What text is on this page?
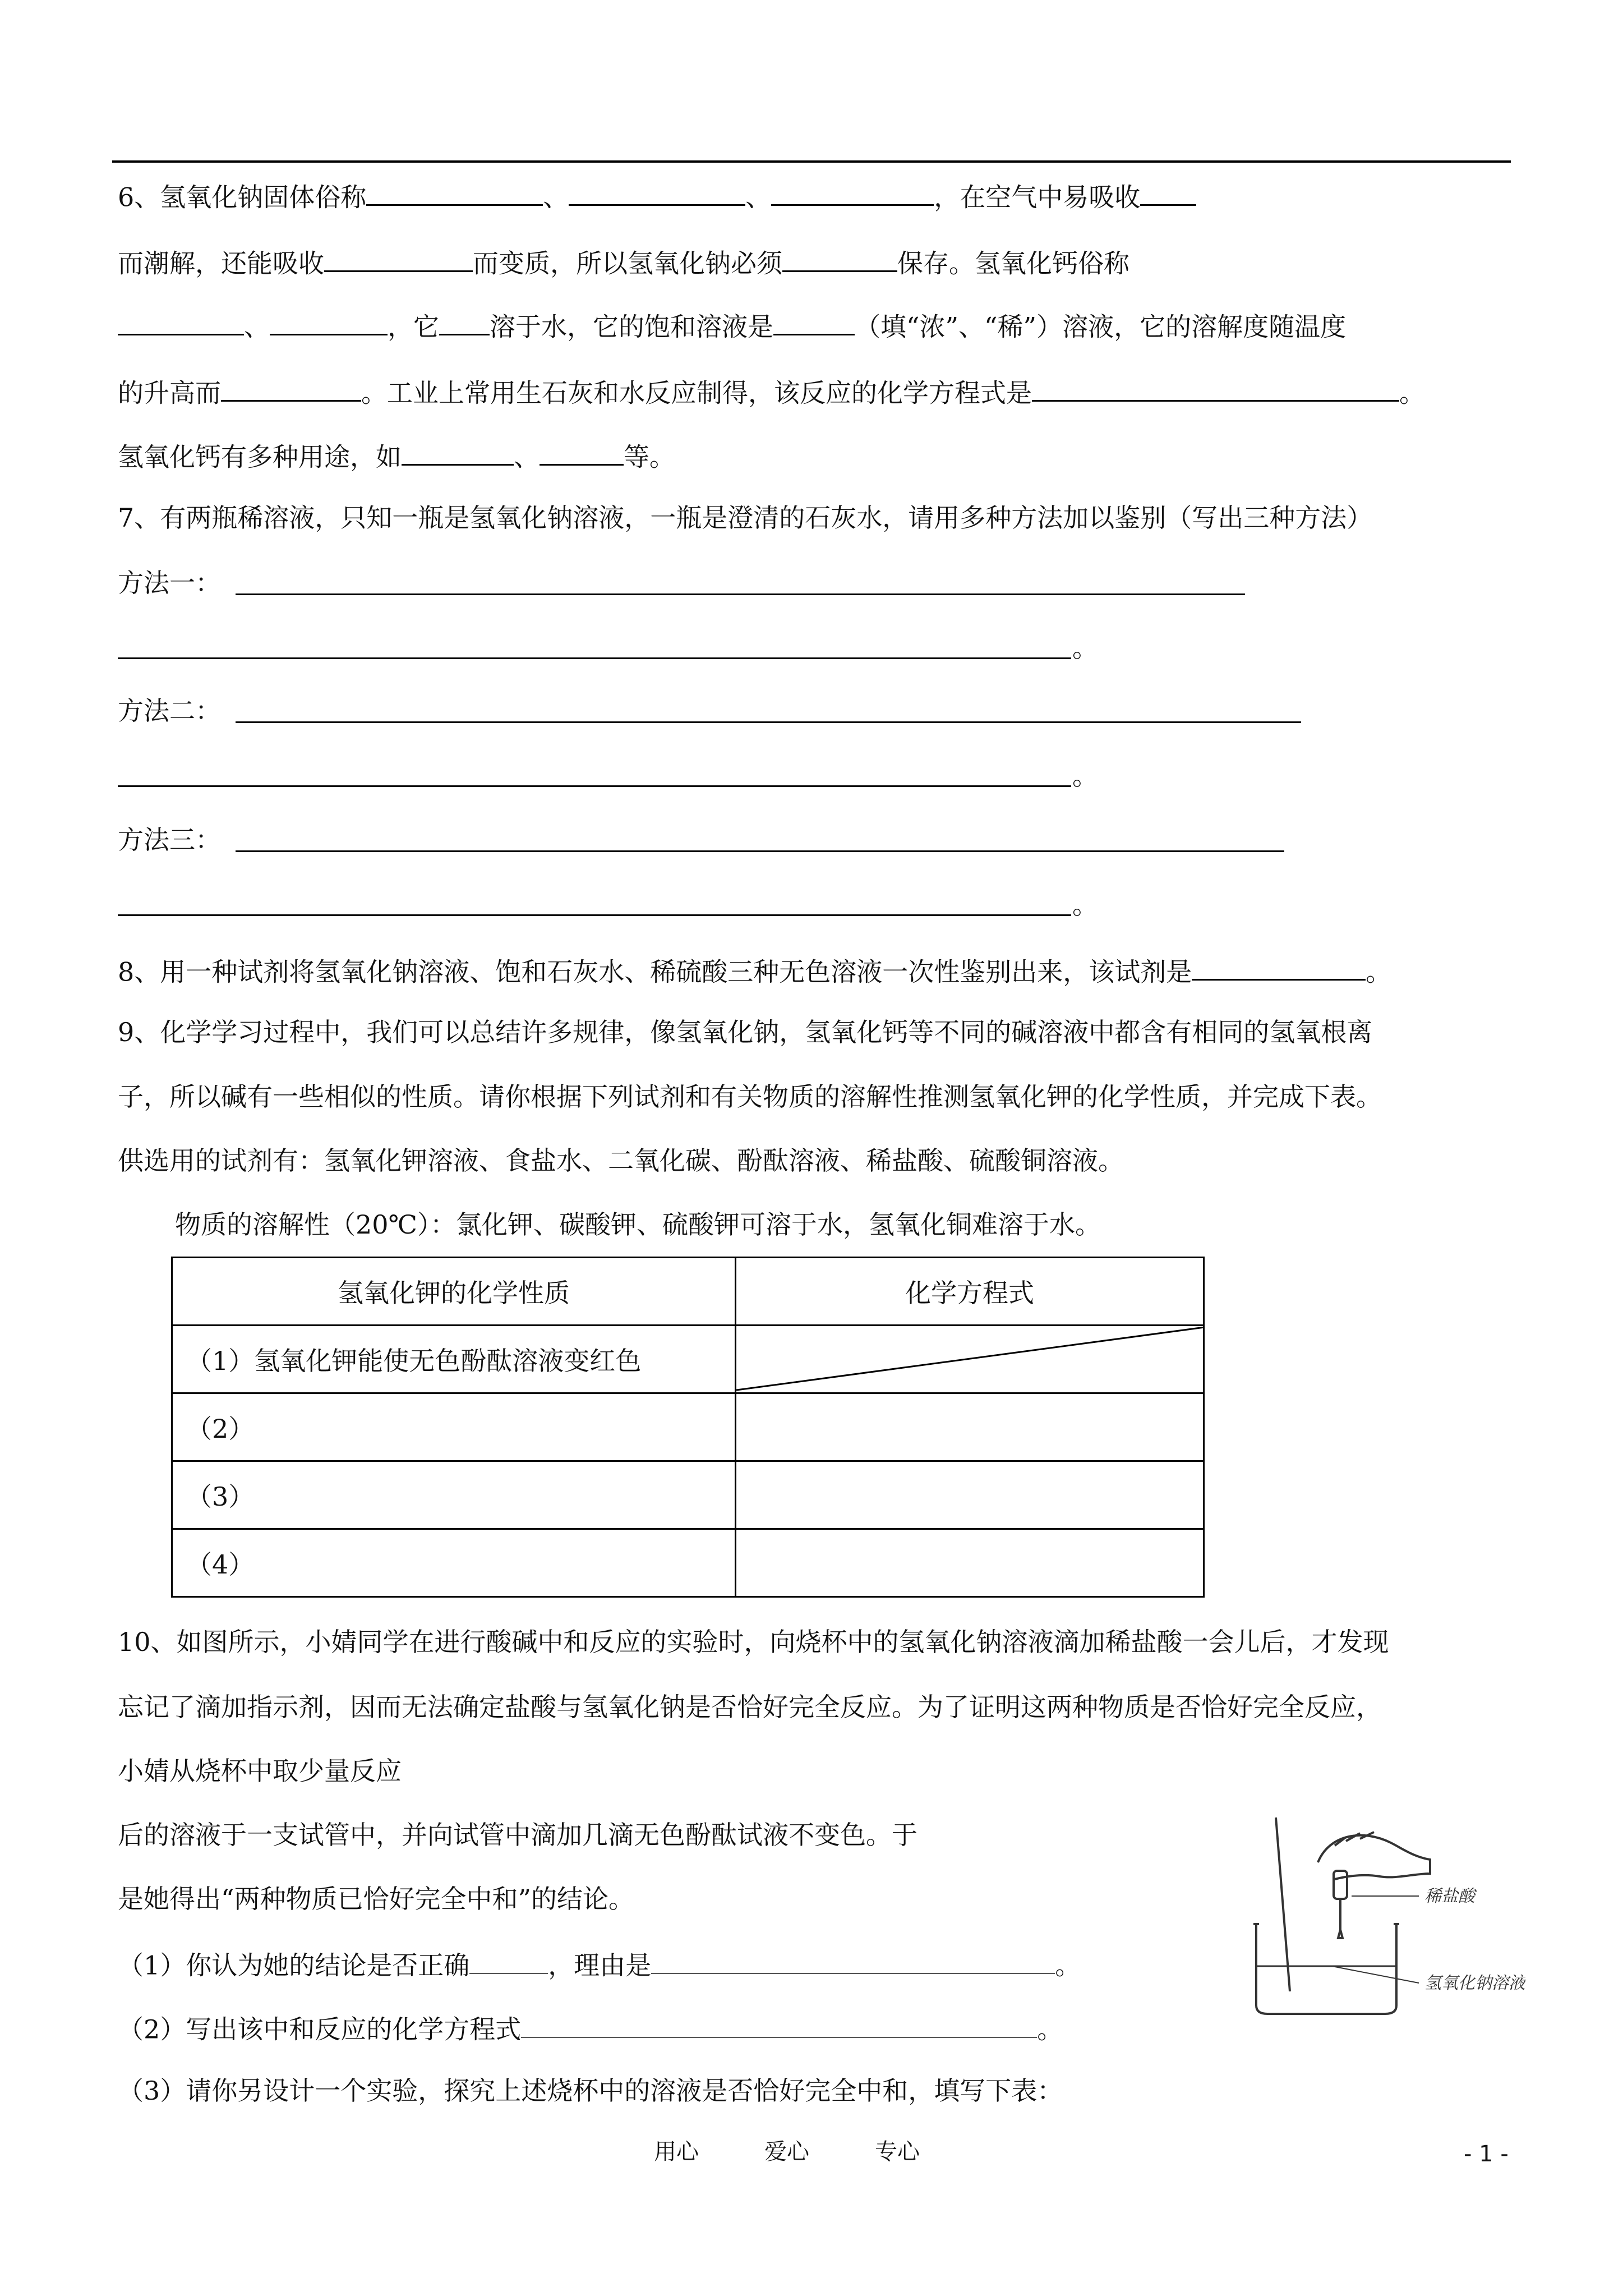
6、氢氧化钠固体俗称	、	、	，在空气中易吸收
而潮解，还能吸收	而变质，所以氢氧化钠必须	保存。氢氧化钙俗称
、	，它 溶于水，它的饱和溶液是	（填“浓”、“稀”）溶液，它的溶解度随温度
的升高而	。工业上常用生石灰和水反应制得，该反应的化学方程式是	。
氢氧化钙有多种用途，如	、	等。
7、有两瓶稀溶液，只知一瓶是氢氧化钠溶液，一瓶是澄清的石灰水，请用多种方法加以鉴别（写出三种方法）
方法一：
。
方法二：
。
方法三：
。
8、用一种试剂将氢氧化钠溶液、饱和石灰水、稀硫酸三种无色溶液一次性鉴别出来，该试剂是	。
9、化学学习过程中，我们可以总结许多规律，像氢氧化钠，氢氧化钙等不同的碱溶液中都含有相同的氢氧根离
子，所以碱有一些相似的性质。请你根据下列试剂和有关物质的溶解性推测氢氧化钾的化学性质，并完成下表。
供选用的试剂有：氢氧化钾溶液、食盐水、二氧化碳、酚酞溶液、稀盐酸、硫酸铜溶液。
物质的溶解性（20℃）：氯化钾、碳酸钾、硫酸钾可溶于水，氢氧化铜难溶于水。
氢氧化钾的化学性质	化学方程式
（1）氢氧化钾能使无色酚酞溶液变红色	

（2）	
（3）	
（4）	
10、如图所示，小婧同学在进行酸碱中和反应的实验时，向烧杯中的氢氧化钠溶液滴加稀盐酸一会儿后，才发现
忘记了滴加指示剂，因而无法确定盐酸与氢氧化钠是否恰好完全反应。为了证明这两种物质是否恰好完全反应，
小婧从烧杯中取少量反应
后的溶液于一支试管中，并向试管中滴加几滴无色酚酞试液不变色。于
是她得出“两种物质已恰好完全中和”的结论。
（1）你认为她的结论是否正确	，理由是	。
（2）写出该中和反应的化学方程式	。
（3）请你另设计一个实验，探究上述烧杯中的溶液是否恰好完全中和，填写下表：
稀盐酸
氢氧化钠溶液
用心	爱心	专心	- 1 -
